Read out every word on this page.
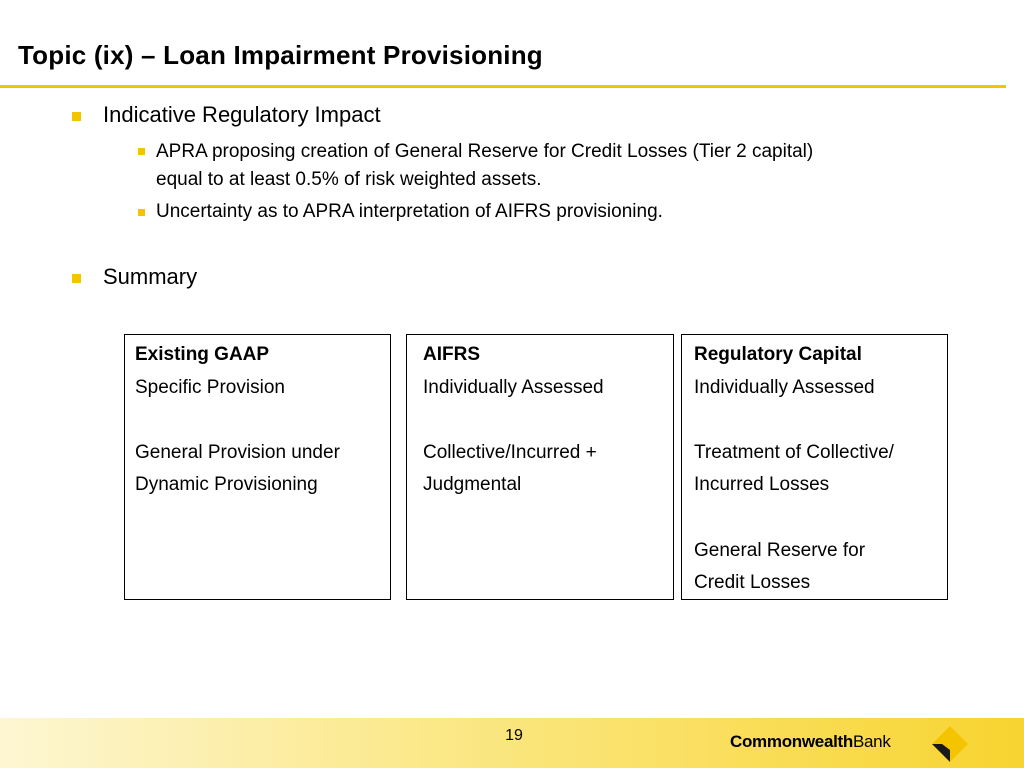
Topic (ix) – Loan Impairment Provisioning
Indicative Regulatory Impact
APRA proposing creation of General Reserve for Credit Losses (Tier 2 capital)
equal to at least 0.5% of risk weighted assets.
Uncertainty as to APRA interpretation of AIFRS provisioning.
Summary
Existing GAAP
Specific Provision
General Provision under
Dynamic Provisioning
AIFRS
Individually Assessed
Collective/Incurred +
Judgmental
Regulatory Capital
Individually Assessed
Treatment of Collective/
Incurred Losses
General Reserve for
Credit Losses
19	CommonwealthBank
